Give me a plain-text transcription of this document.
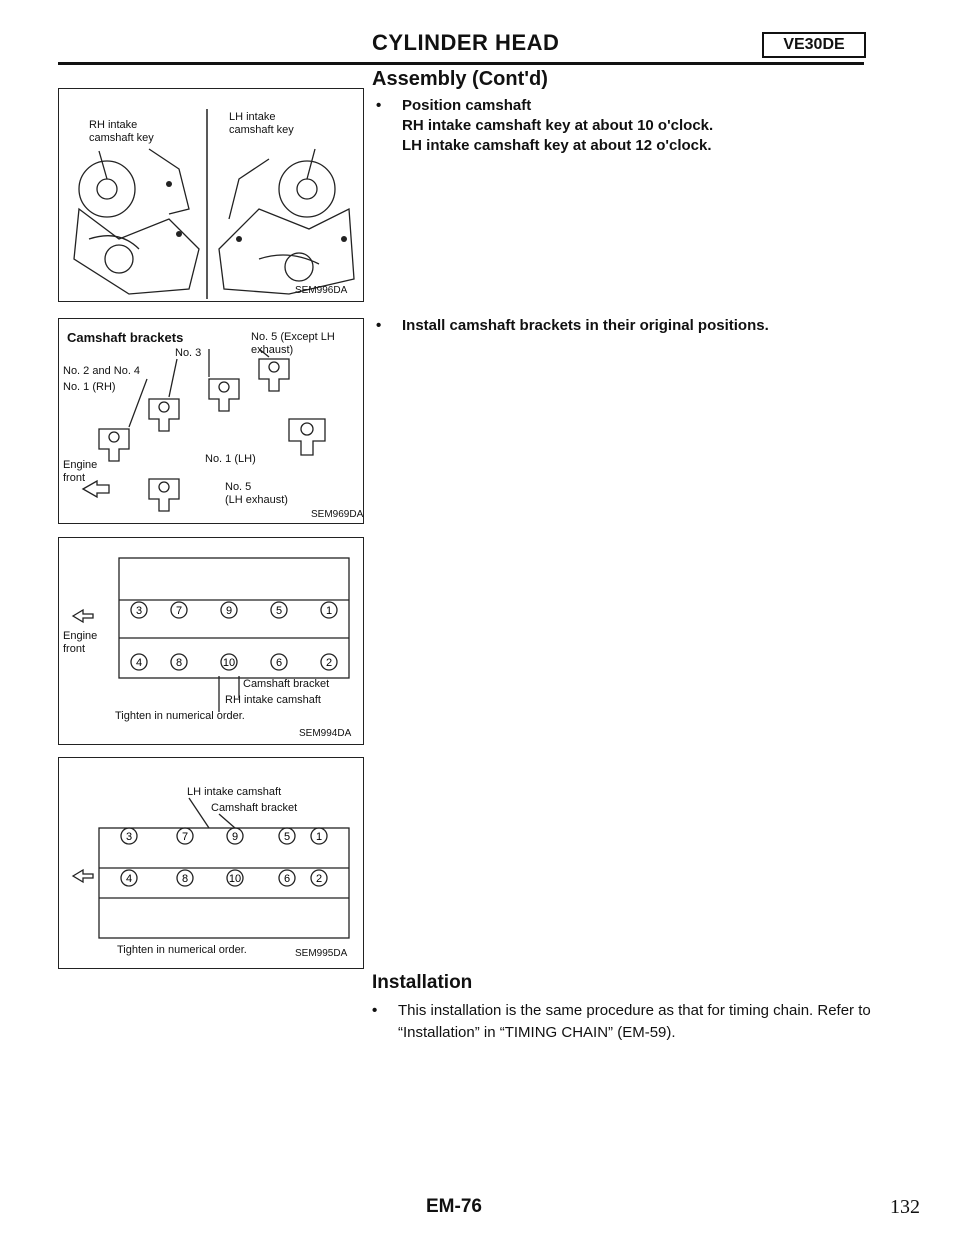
CYLINDER HEAD	VE30DE
Assembly (Cont'd)
RH intake
camshaft key
LH intake
camshaft key
SEM996DA
Camshaft brackets
No. 3
No. 5 (Except LH
exhaust)
No. 2 and No. 4
No. 1 (RH)
Engine
front
No. 1 (LH)
No. 5
(LH exhaust)
SEM969DA
3	7	9	5	1
4	8	10	6	2
Engine
front
Camshaft bracket
RH intake camshaft
Tighten in numerical order.
SEM994DA
3	7	9	5 1
4	8	10	6 2
LH intake camshaft
Camshaft bracket
Tighten in numerical order.	SEM995DA
• Position camshaft
RH intake camshaft key at about 10 o'clock.
LH intake camshaft key at about 12 o'clock.
• Install camshaft brackets in their original positions.
Installation
• This installation is the same procedure as that for timing chain. Refer to “Installation” in “TIMING CHAIN” (EM-59).
EM-76	132
